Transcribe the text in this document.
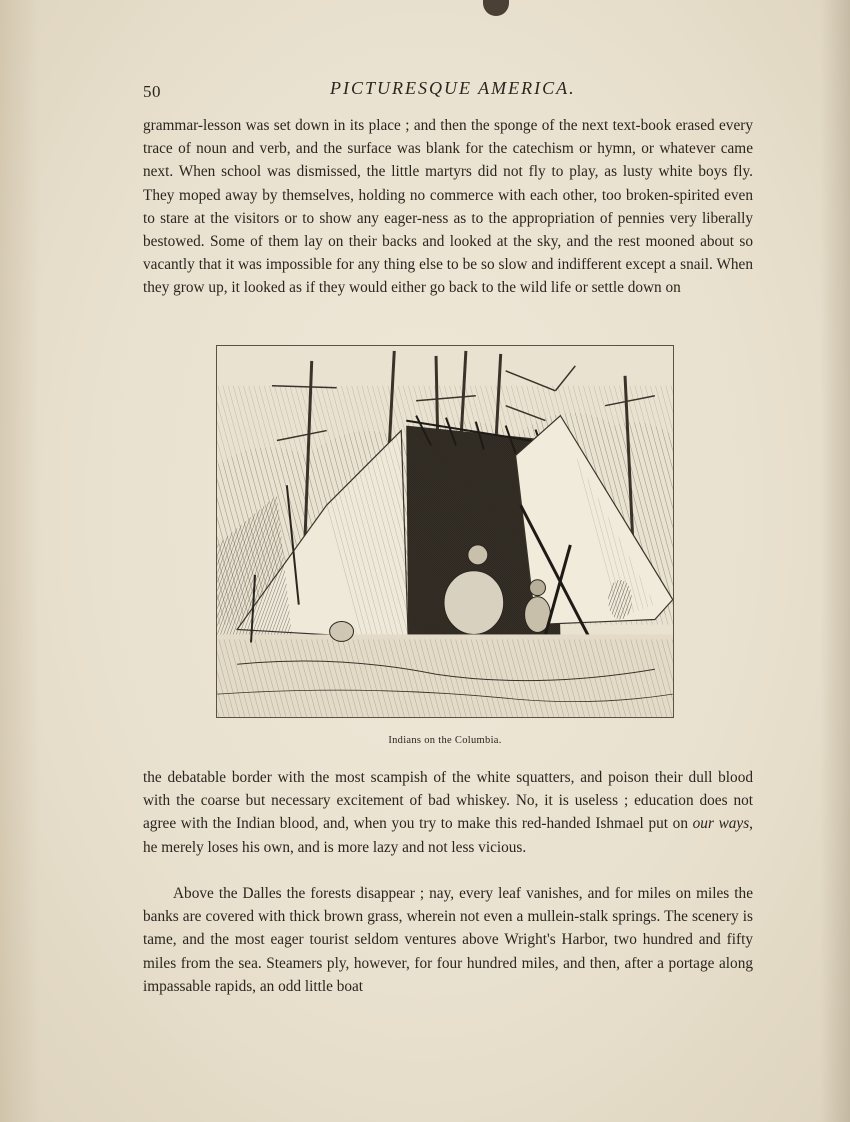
50	PICTURESQUE AMERICA.

grammar-lesson was set down in its place ; and then the sponge of the next text-book erased every trace of noun and verb, and the surface was blank for the catechism or hymn, or whatever came next. When school was dismissed, the little martyrs did not fly to play, as lusty white boys fly. They moped away by themselves, holding no commerce with each other, too broken-spirited even to stare at the visitors or to show any eager-ness as to the appropriation of pennies very liberally bestowed. Some of them lay on their backs and looked at the sky, and the rest mooned about so vacantly that it was impossible for any thing else to be so slow and indifferent except a snail. When they grow up, it looked as if they would either go back to the wild life or settle down on

Indians on the Columbia.

the debatable border with the most scampish of the white squatters, and poison their dull blood with the coarse but necessary excitement of bad whiskey. No, it is useless ; education does not agree with the Indian blood, and, when you try to make this red-handed Ishmael put on our ways, he merely loses his own, and is more lazy and not less vicious.

Above the Dalles the forests disappear ; nay, every leaf vanishes, and for miles on miles the banks are covered with thick brown grass, wherein not even a mullein-stalk springs. The scenery is tame, and the most eager tourist seldom ventures above Wright's Harbor, two hundred and fifty miles from the sea. Steamers ply, however, for four hundred miles, and then, after a portage along impassable rapids, an odd little boat
